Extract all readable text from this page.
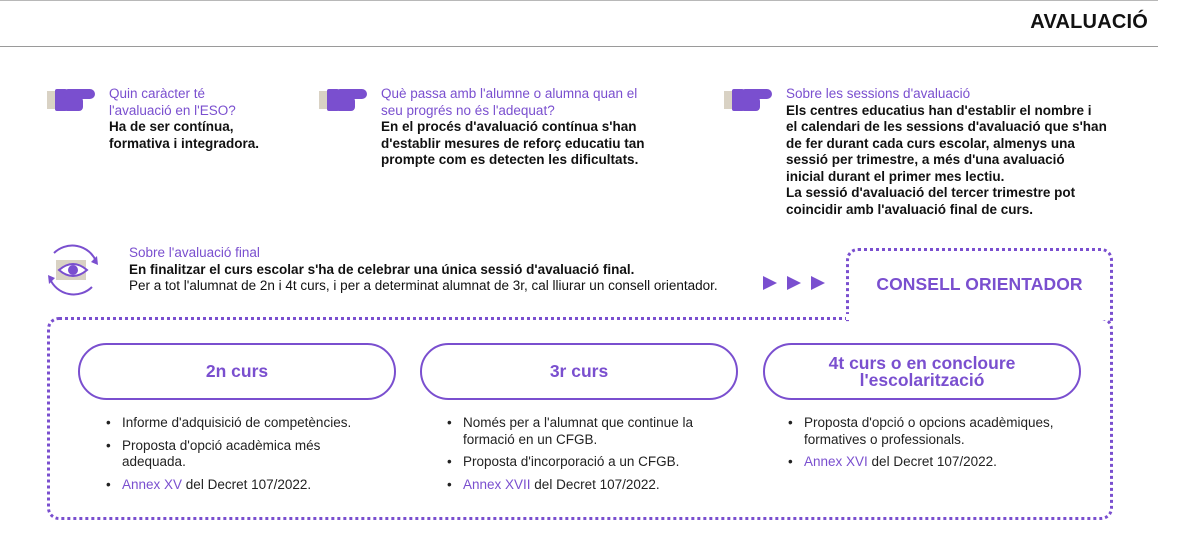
AVALUACIÓ
Quin caràcter té
l'avaluació en l'ESO?
Ha de ser contínua,
formativa i integradora.
Què passa amb l'alumne o alumna quan el
seu progrés no és l'adequat?
En el procés d'avaluació contínua s'han
d'establir mesures de reforç educatiu tan
prompte com es detecten les dificultats.
Sobre les sessions d'avaluació
Els centres educatius han d'establir el nombre i
el calendari de les sessions d'avaluació que s'han
de fer durant cada curs escolar, almenys una
sessió per trimestre, a més d'una avaluació
inicial durant el primer mes lectiu.
La sessió d'avaluació del tercer trimestre pot
coincidir amb l'avaluació final de curs.
Sobre l'avaluació final
En finalitzar el curs escolar s'ha de celebrar una única sessió d'avaluació final.
Per a tot l'alumnat de 2n i 4t curs, i per a determinat alumnat de 3r, cal lliurar un consell orientador.	CONSELL ORIENTADOR
2n curs
• Informe d'adquisició de competències.
• Proposta d'opció acadèmica més
adequada.
• Annex XV del Decret 107/2022.
3r curs
• Només per a l'alumnat que continue la
formació en un CFGB.
• Proposta d'incorporació a un CFGB.
• Annex XVII del Decret 107/2022.
4t curs o en concloure
l'escolarització
• Proposta d'opció o opcions acadèmiques,
formatives o professionals.
• Annex XVI del Decret 107/2022.
